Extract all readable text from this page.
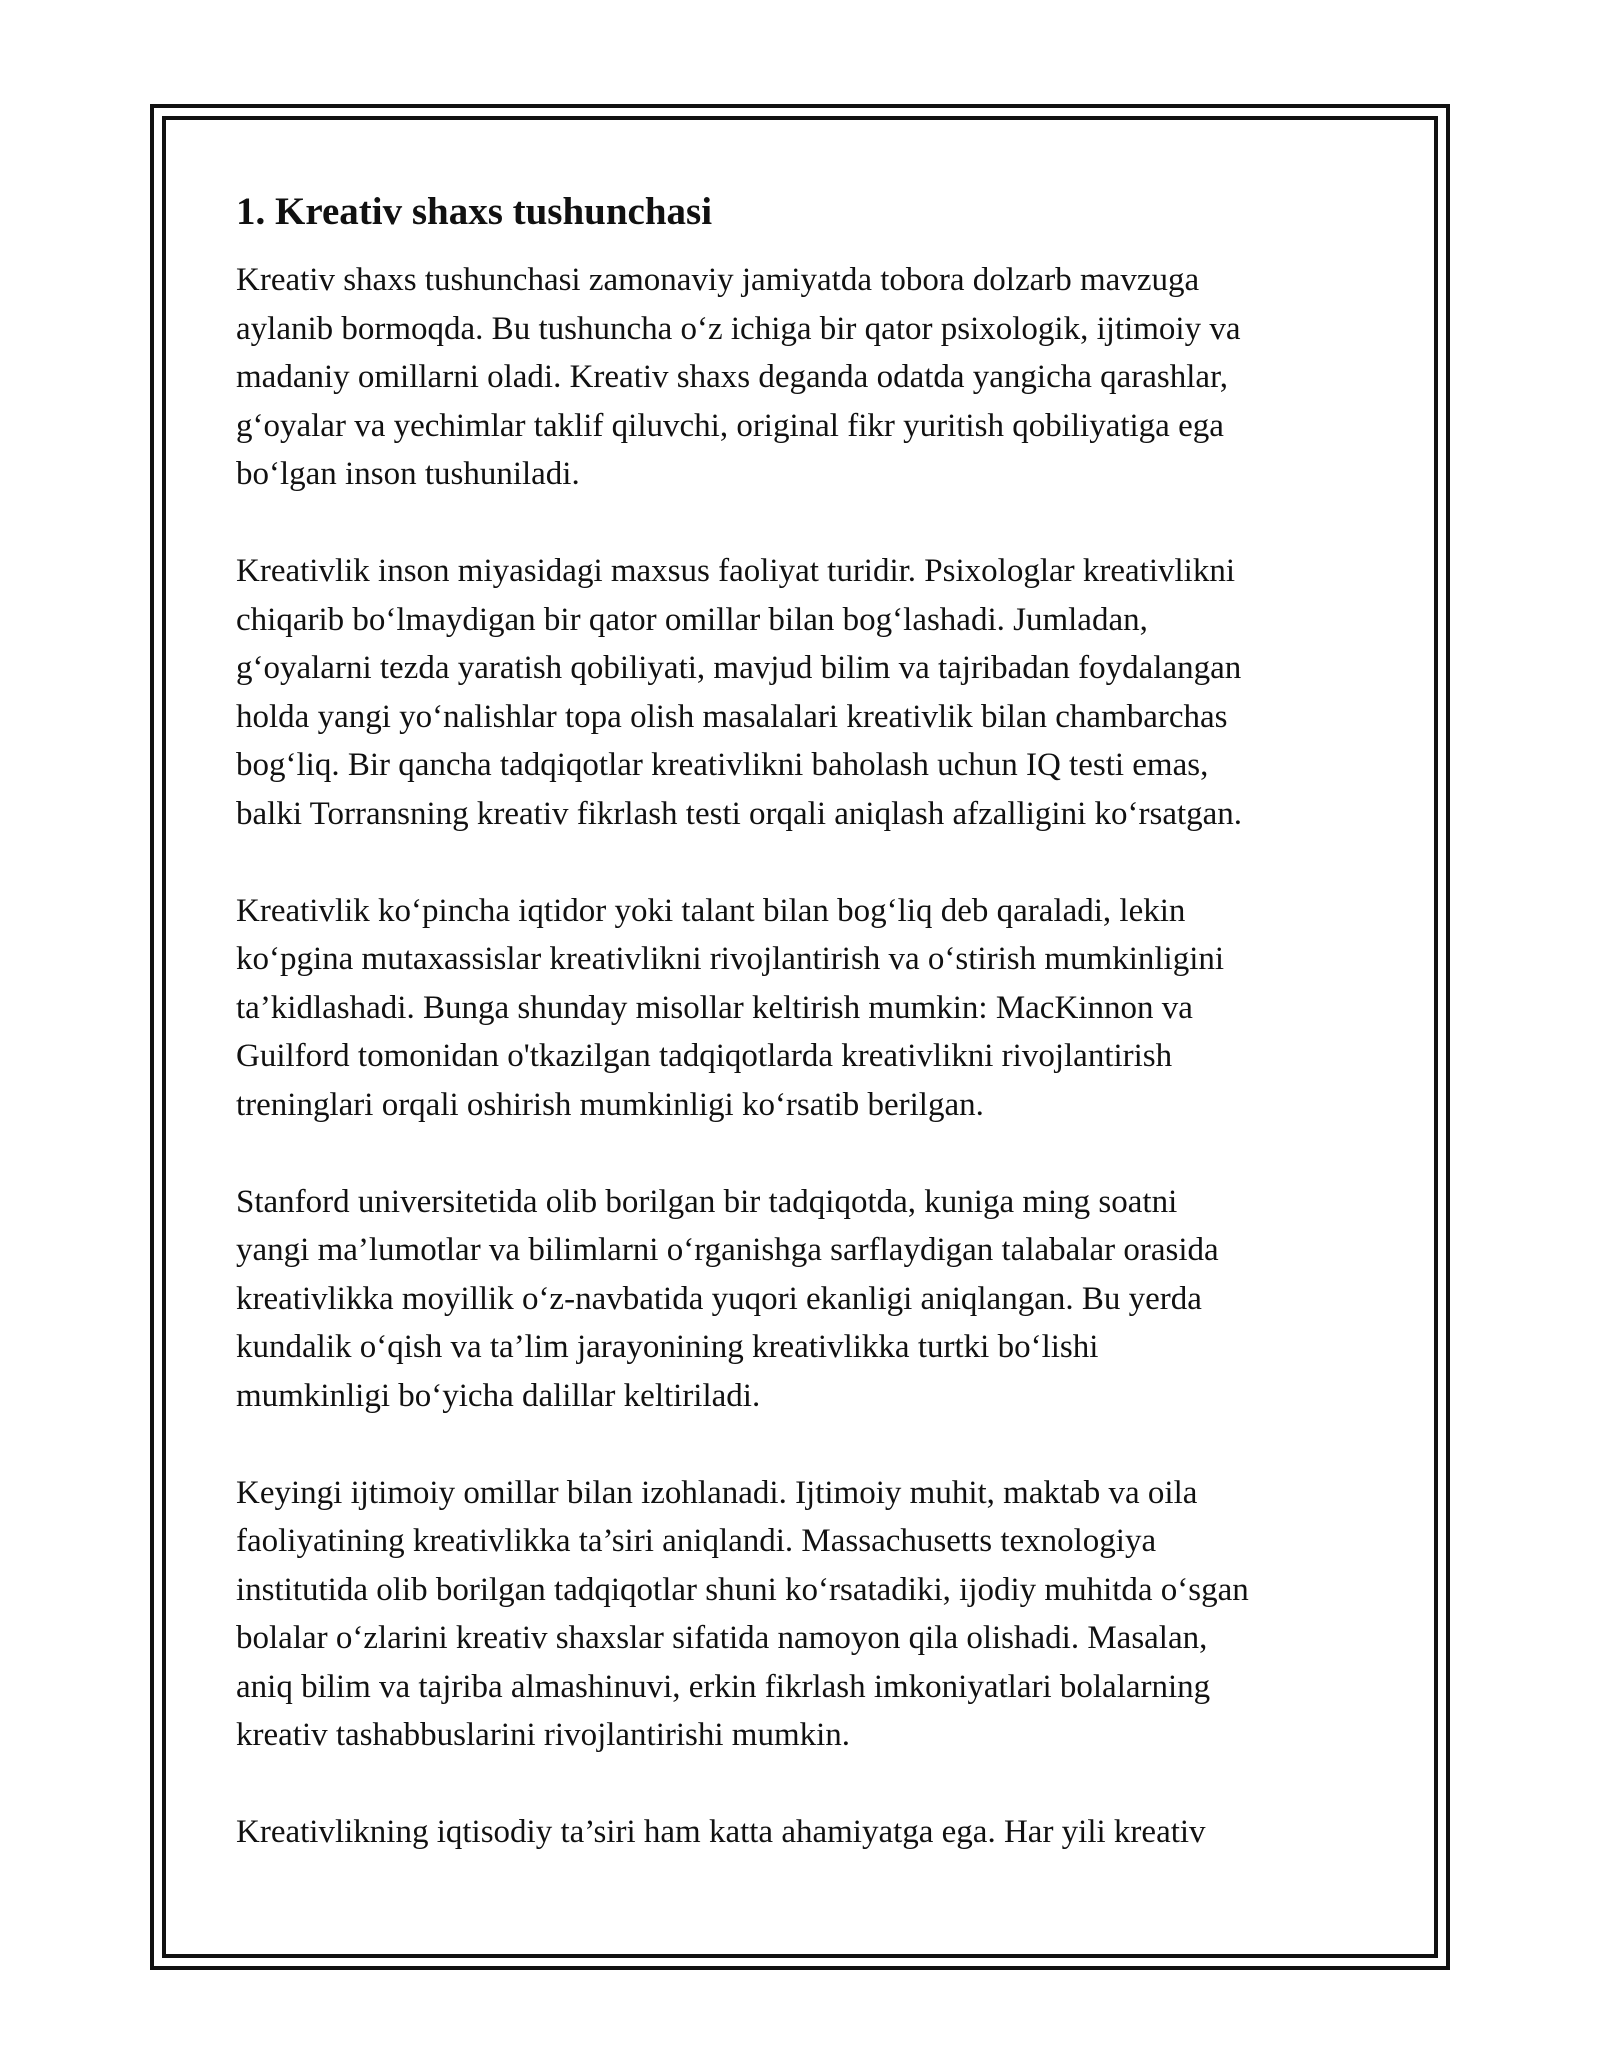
1. Kreativ shaxs tushunchasi
Kreativ shaxs tushunchasi zamonaviy jamiyatda tobora dolzarb mavzuga
aylanib bormoqda. Bu tushuncha o‘z ichiga bir qator psixologik, ijtimoiy va
madaniy omillarni oladi. Kreativ shaxs deganda odatda yangicha qarashlar,
g‘oyalar va yechimlar taklif qiluvchi, original fikr yuritish qobiliyatiga ega
bo‘lgan inson tushuniladi.
Kreativlik inson miyasidagi maxsus faoliyat turidir. Psixologlar kreativlikni
chiqarib bo‘lmaydigan bir qator omillar bilan bog‘lashadi. Jumladan,
g‘oyalarni tezda yaratish qobiliyati, mavjud bilim va tajribadan foydalangan
holda yangi yo‘nalishlar topa olish masalalari kreativlik bilan chambarchas
bog‘liq. Bir qancha tadqiqotlar kreativlikni baholash uchun IQ testi emas,
balki Torransning kreativ fikrlash testi orqali aniqlash afzalligini ko‘rsatgan.
Kreativlik ko‘pincha iqtidor yoki talant bilan bog‘liq deb qaraladi, lekin
ko‘pgina mutaxassislar kreativlikni rivojlantirish va o‘stirish mumkinligini
ta’kidlashadi. Bunga shunday misollar keltirish mumkin: MacKinnon va
Guilford tomonidan o'tkazilgan tadqiqotlarda kreativlikni rivojlantirish
treninglari orqali oshirish mumkinligi ko‘rsatib berilgan.
Stanford universitetida olib borilgan bir tadqiqotda, kuniga ming soatni
yangi ma’lumotlar va bilimlarni o‘rganishga sarflaydigan talabalar orasida
kreativlikka moyillik o‘z-navbatida yuqori ekanligi aniqlangan. Bu yerda
kundalik o‘qish va ta’lim jarayonining kreativlikka turtki bo‘lishi
mumkinligi bo‘yicha dalillar keltiriladi.
Keyingi ijtimoiy omillar bilan izohlanadi. Ijtimoiy muhit, maktab va oila
faoliyatining kreativlikka ta’siri aniqlandi. Massachusetts texnologiya
institutida olib borilgan tadqiqotlar shuni ko‘rsatadiki, ijodiy muhitda o‘sgan
bolalar o‘zlarini kreativ shaxslar sifatida namoyon qila olishadi. Masalan,
aniq bilim va tajriba almashinuvi, erkin fikrlash imkoniyatlari bolalarning
kreativ tashabbuslarini rivojlantirishi mumkin.
Kreativlikning iqtisodiy ta’siri ham katta ahamiyatga ega. Har yili kreativ
